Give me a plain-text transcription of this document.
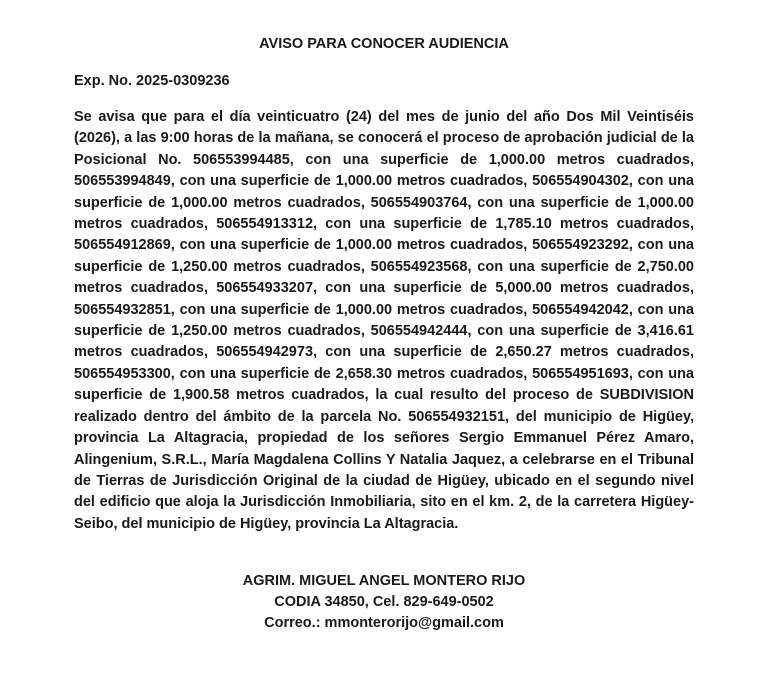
AVISO PARA CONOCER AUDIENCIA
Exp. No. 2025-0309236
Se avisa que para el día veinticuatro (24) del mes de junio del año Dos Mil Veintiséis (2026), a las 9:00 horas de la mañana, se conocerá el proceso de aprobación judicial de la Posicional No. 506553994485, con una superficie de 1,000.00 metros cuadrados, 506553994849, con una superficie de 1,000.00 metros cuadrados, 506554904302, con una superficie de 1,000.00 metros cuadrados, 506554903764, con una superficie de 1,000.00 metros cuadrados, 506554913312, con una superficie de 1,785.10 metros cuadrados, 506554912869, con una superficie de 1,000.00 metros cuadrados, 506554923292, con una superficie de 1,250.00 metros cuadrados, 506554923568, con una superficie de 2,750.00 metros cuadrados, 506554933207, con una superficie de 5,000.00 metros cuadrados, 506554932851, con una superficie de 1,000.00 metros cuadrados, 506554942042, con una superficie de 1,250.00 metros cuadrados, 506554942444, con una superficie de 3,416.61 metros cuadrados, 506554942973, con una superficie de 2,650.27 metros cuadrados, 506554953300, con una superficie de 2,658.30 metros cuadrados, 506554951693, con una superficie de 1,900.58 metros cuadrados, la cual resulto del proceso de SUBDIVISION realizado dentro del ámbito de la parcela No. 506554932151, del municipio de Higüey, provincia La Altagracia, propiedad de los señores Sergio Emmanuel Pérez Amaro, Alingenium, S.R.L., María Magdalena Collins Y Natalia Jaquez, a celebrarse en el Tribunal de Tierras de Jurisdicción Original de la ciudad de Higüey, ubicado en el segundo nivel del edificio que aloja la Jurisdicción Inmobiliaria, sito en el km. 2, de la carretera Higüey-Seibo, del municipio de Higüey, provincia La Altagracia.
AGRIM. MIGUEL ANGEL MONTERO RIJO
CODIA 34850, Cel. 829-649-0502
Correo.: mmonterorijo@gmail.com
